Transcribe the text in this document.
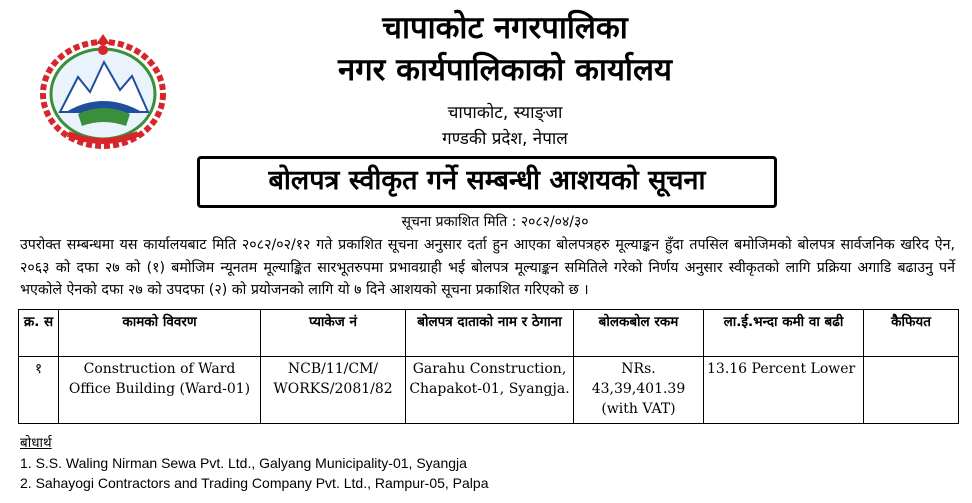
चापाकोट नगरपालिका
नगर कार्यपालिकाको कार्यालय
चापाकोट, स्याङ्जा
गण्डकी प्रदेश, नेपाल
बोलपत्र स्वीकृत गर्ने सम्बन्धी आशयको सूचना
सूचना प्रकाशित मिति : २०८२/०४/३०
उपरोक्त सम्बन्धमा यस कार्यालयबाट मिति २०८२/०२/१२ गते प्रकाशित सूचना अनुसार दर्ता हुन आएका बोलपत्रहरु मूल्याङ्कन हुँदा तपसिल बमोजिमको बोलपत्र सार्वजनिक खरिद ऐन, २०६३ को दफा २७ को (१) बमोजिम न्यूनतम मूल्याङ्कित सारभूतरुपमा प्रभावग्राही भई बोलपत्र मूल्याङ्कन समितिले गरेको निर्णय अनुसार स्वीकृतको लागि प्रक्रिया अगाडि बढाउनु पर्ने भएकोले ऐनको दफा २७ को उपदफा (२) को प्रयोजनको लागि यो ७ दिने आशयको सूचना प्रकाशित गरिएको छ ।
क्र. स	कामको विवरण	प्याकेज नं	बोलपत्र दाताको नाम र ठेगाना	बोलकबोल रकम	ला.ई.भन्दा कमी वा बढी	कैफियत
१	Construction of Ward Office Building (Ward-01)	NCB/11/CM/ WORKS/2081/82	Garahu Construction, Chapakot-01, Syangja.	NRs. 43,39,401.39 (with VAT)	13.16 Percent Lower	
बोधार्थ
1. S.S. Waling Nirman Sewa Pvt. Ltd., Galyang Municipality-01, Syangja
2. Sahayogi Contractors and Trading Company Pvt. Ltd., Rampur-05, Palpa
